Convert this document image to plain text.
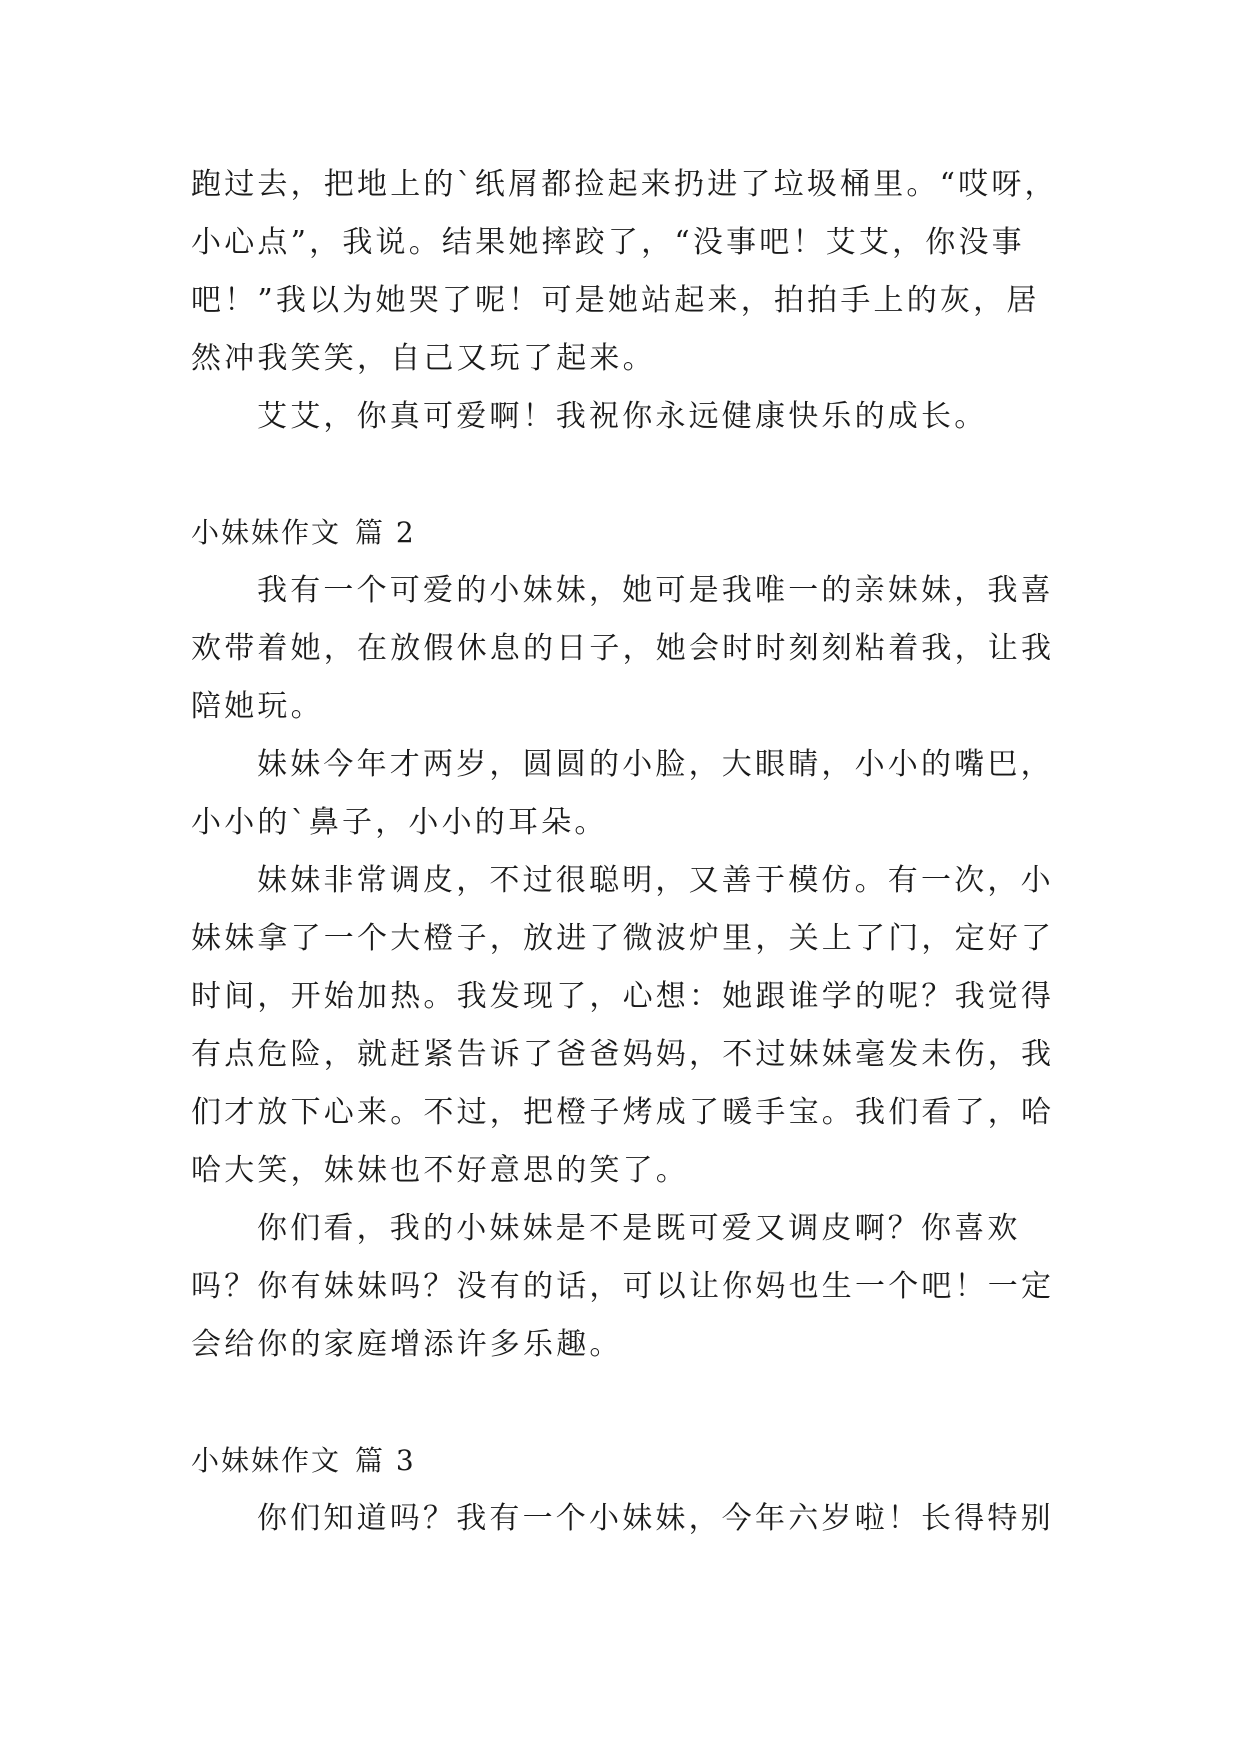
跑过去，把地上的`纸屑都捡起来扔进了垃圾桶里。“哎呀，
小心点”，我说。结果她摔跤了，“没事吧！艾艾，你没事
吧！”我以为她哭了呢！可是她站起来，拍拍手上的灰，居
然冲我笑笑，自己又玩了起来。
艾艾，你真可爱啊！我祝你永远健康快乐的成长。
小妹妹作文 篇 2
我有一个可爱的小妹妹，她可是我唯一的亲妹妹，我喜
欢带着她，在放假休息的日子，她会时时刻刻粘着我，让我
陪她玩。
妹妹今年才两岁，圆圆的小脸，大眼睛，小小的嘴巴，
小小的`鼻子，小小的耳朵。
妹妹非常调皮，不过很聪明，又善于模仿。有一次，小
妹妹拿了一个大橙子，放进了微波炉里，关上了门，定好了
时间，开始加热。我发现了，心想：她跟谁学的呢？我觉得
有点危险，就赶紧告诉了爸爸妈妈，不过妹妹毫发未伤，我
们才放下心来。不过，把橙子烤成了暖手宝。我们看了，哈
哈大笑，妹妹也不好意思的笑了。
你们看，我的小妹妹是不是既可爱又调皮啊？你喜欢
吗？你有妹妹吗？没有的话，可以让你妈也生一个吧！一定
会给你的家庭增添许多乐趣。
小妹妹作文 篇 3
你们知道吗？我有一个小妹妹，今年六岁啦！长得特别
